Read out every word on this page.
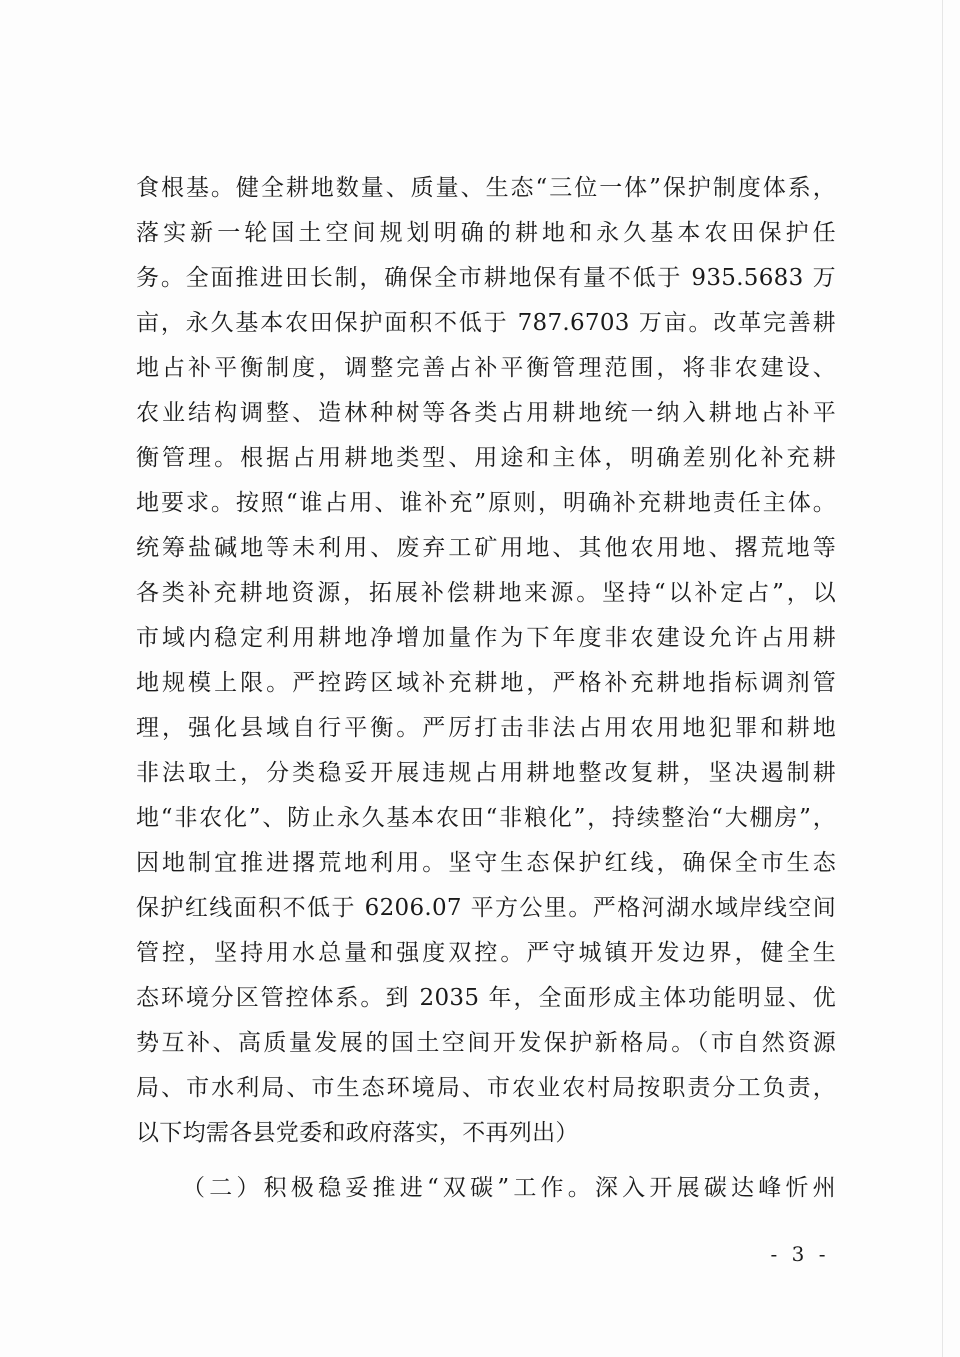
食根基。健全耕地数量、质量、生态“三位一体”保护制度体系，
落实新一轮国土空间规划明确的耕地和永久基本农田保护任
务。全面推进田长制，确保全市耕地保有量不低于 935.5683 万
亩，永久基本农田保护面积不低于 787.6703 万亩。改革完善耕
地占补平衡制度，调整完善占补平衡管理范围，将非农建设、
农业结构调整、造林种树等各类占用耕地统一纳入耕地占补平
衡管理。根据占用耕地类型、用途和主体，明确差别化补充耕
地要求。按照“谁占用、谁补充”原则，明确补充耕地责任主体。
统筹盐碱地等未利用、废弃工矿用地、其他农用地、撂荒地等
各类补充耕地资源，拓展补偿耕地来源。坚持“以补定占”，以
市域内稳定利用耕地净增加量作为下年度非农建设允许占用耕
地规模上限。严控跨区域补充耕地，严格补充耕地指标调剂管
理，强化县域自行平衡。严厉打击非法占用农用地犯罪和耕地
非法取土，分类稳妥开展违规占用耕地整改复耕，坚决遏制耕
地“非农化”、防止永久基本农田“非粮化”，持续整治“大棚房”，
因地制宜推进撂荒地利用。坚守生态保护红线，确保全市生态
保护红线面积不低于 6206.07 平方公里。严格河湖水域岸线空间
管控，坚持用水总量和强度双控。严守城镇开发边界，健全生
态环境分区管控体系。到 2035 年，全面形成主体功能明显、优
势互补、高质量发展的国土空间开发保护新格局。（市自然资源
局、市水利局、市生态环境局、市农业农村局按职责分工负责，
以下均需各县党委和政府落实，不再列出）
（二）积极稳妥推进“双碳”工作。深入开展碳达峰忻州
- 3 -
